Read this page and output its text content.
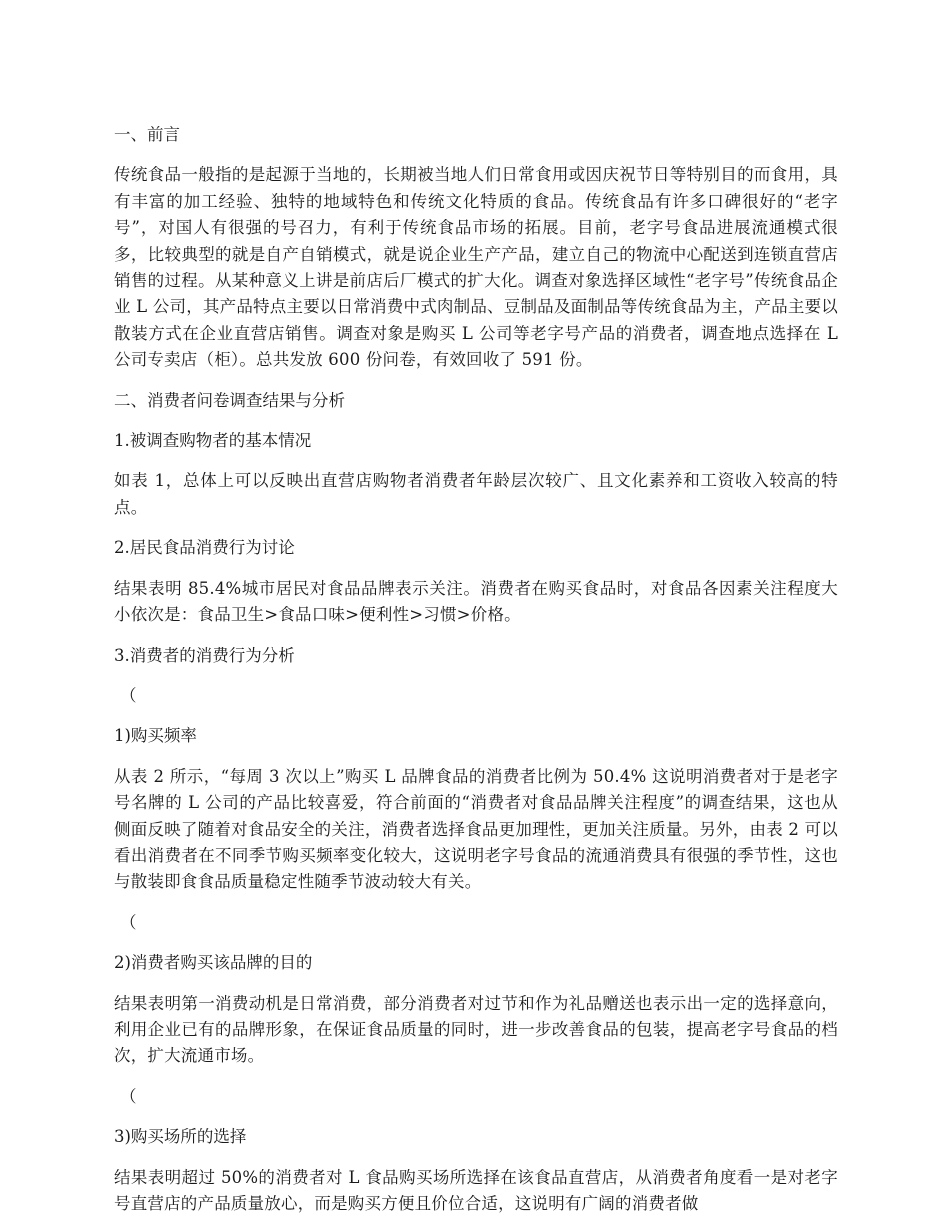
一、前言
传统食品一般指的是起源于当地的，长期被当地人们日常食用或因庆祝节日等特别目的而食用，具有丰富的加工经验、独特的地域特色和传统文化特质的食品。传统食品有许多口碑很好的“老字号”，对国人有很强的号召力，有利于传统食品市场的拓展。目前，老字号食品进展流通模式很多，比较典型的就是自产自销模式，就是说企业生产产品，建立自己的物流中心配送到连锁直营店销售的过程。从某种意义上讲是前店后厂模式的扩大化。调查对象选择区域性“老字号”传统食品企业 L 公司，其产品特点主要以日常消费中式肉制品、豆制品及面制品等传统食品为主，产品主要以散装方式在企业直营店销售。调查对象是购买 L 公司等老字号产品的消费者，调查地点选择在 L 公司专卖店（柜）。总共发放 600 份问卷，有效回收了 591 份。
二、消费者问卷调查结果与分析
1.被调查购物者的基本情况
如表 1，总体上可以反映出直营店购物者消费者年龄层次较广、且文化素养和工资收入较高的特点。
2.居民食品消费行为讨论
结果表明 85.4%城市居民对食品品牌表示关注。消费者在购买食品时，对食品各因素关注程度大小依次是：食品卫生>食品口味>便利性>习惯>价格。
3.消费者的消费行为分析
（
1)购买频率
从表 2 所示，“每周 3 次以上”购买 L 品牌食品的消费者比例为 50.4% 这说明消费者对于是老字号名牌的 L 公司的产品比较喜爱，符合前面的“消费者对食品品牌关注程度”的调查结果，这也从侧面反映了随着对食品安全的关注，消费者选择食品更加理性，更加关注质量。另外，由表 2 可以看出消费者在不同季节购买频率变化较大，这说明老字号食品的流通消费具有很强的季节性，这也与散装即食食品质量稳定性随季节波动较大有关。
（
2)消费者购买该品牌的目的
结果表明第一消费动机是日常消费，部分消费者对过节和作为礼品赠送也表示出一定的选择意向，利用企业已有的品牌形象，在保证食品质量的同时，进一步改善食品的包装，提高老字号食品的档次，扩大流通市场。
（
3)购买场所的选择
结果表明超过 50%的消费者对 L 食品购买场所选择在该食品直营店，从消费者角度看一是对老字号直营店的产品质量放心，而是购买方便且价位合适，这说明有广阔的消费者做
